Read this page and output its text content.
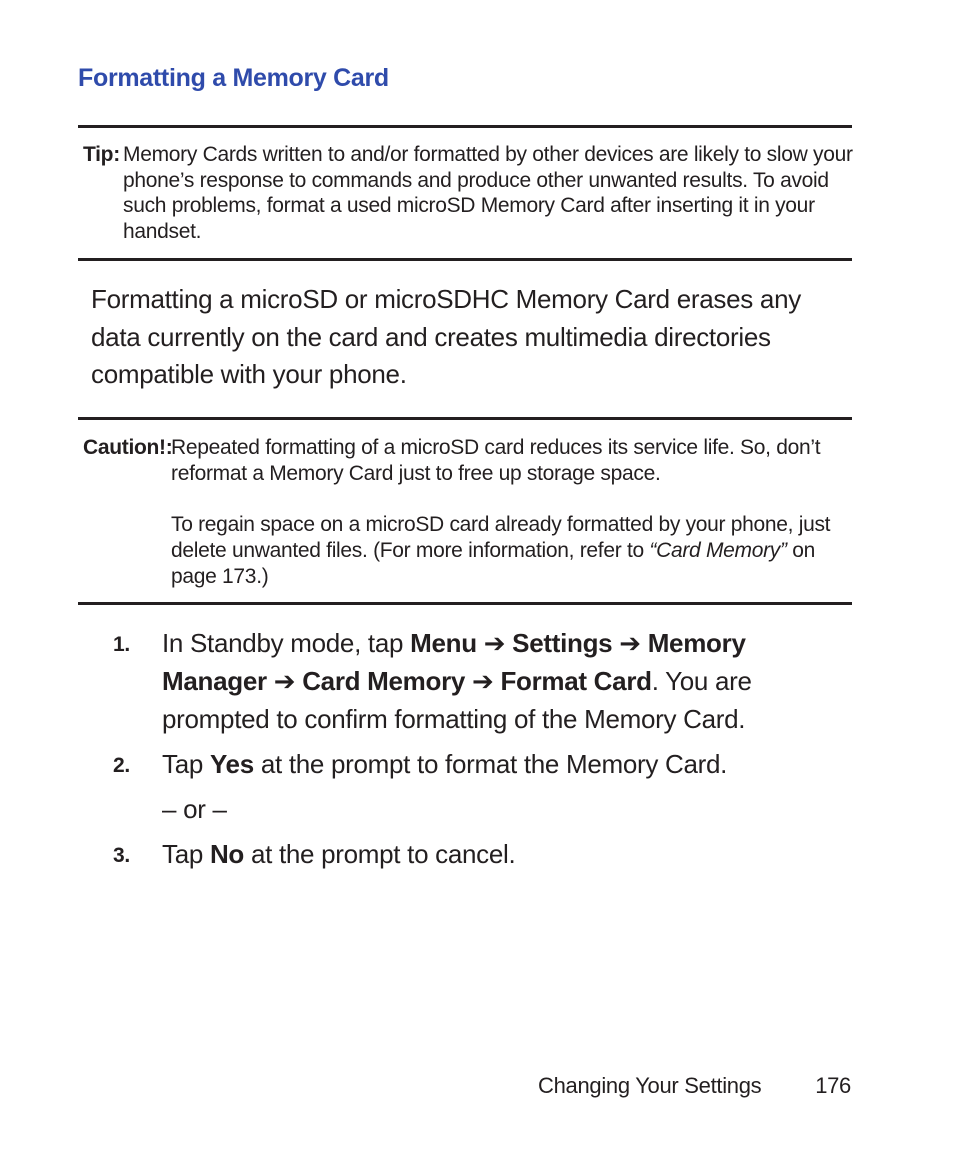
Formatting a Memory Card
Tip: Memory Cards written to and/or formatted by other devices are likely to slow your phone’s response to commands and produce other unwanted results. To avoid such problems, format a used microSD Memory Card after inserting it in your handset.

Formatting a microSD or microSDHC Memory Card erases any data currently on the card and creates multimedia directories compatible with your phone.

Caution!:
Repeated formatting of a microSD card reduces its service life. So, don’t reformat a Memory Card just to free up storage space.
To regain space on a microSD card already formatted by your phone, just delete unwanted files. (For more information, refer to “Card Memory” on page 173.)
1. In Standby mode, tap Menu ➔ Settings ➔ Memory Manager ➔ Card Memory ➔ Format Card. You are prompted to confirm formatting of the Memory Card.
2. Tap Yes at the prompt to format the Memory Card.
– or –
3. Tap No at the prompt to cancel.
Changing Your Settings 176
